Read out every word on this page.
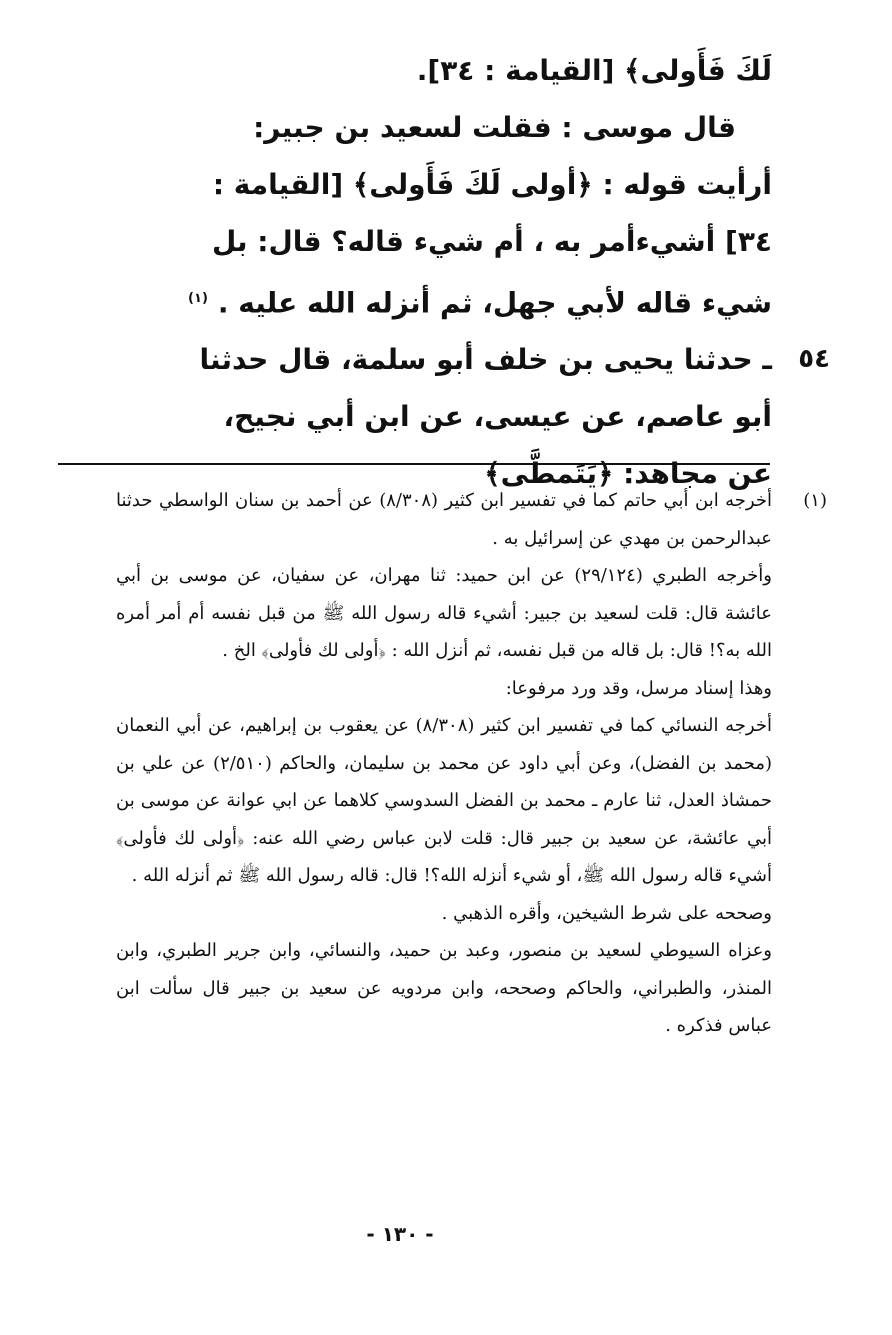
لَكَ فَأَولى﴾ [القيامة : ٣٤].

قال موسى : فقلت لسعيد بن جبير: أرأيت قوله : ﴿أولى لَكَ فَأَولى﴾ [القيامة : ٣٤] أشيءأمر به ، أم شيء قاله؟ قال: بل شيء قاله لأبي جهل، ثم أنزله الله عليه .$^{(١)}$

٥٤
ـ حدثنا يحيى بن خلف أبو سلمة، قال حدثنا أبو عاصم، عن عيسى، عن ابن أبي نجيح، عن مجاهد: ﴿يَتَمطَّى﴾

(١)
أخرجه ابن أبي حاتم كما في تفسير ابن كثير (٨/٣٠٨) عن أحمد بن سنان الواسطي حدثنا عبدالرحمن بن مهدي عن إسرائيل به .

وأخرجه الطبري (٢٩/١٢٤) عن ابن حميد: ثنا مهران، عن سفيان، عن موسى بن أبي عائشة قال: قلت لسعيد بن جبير: أشيء قاله رسول الله ﷺ من قبل نفسه أم أمر أمره الله به؟! قال: بل قاله من قبل نفسه، ثم أنزل الله : ﴿أولى لك فأولى﴾ الخ .

وهذا إسناد مرسل، وقد ورد مرفوعا:

أخرجه النسائي كما في تفسير ابن كثير (٨/٣٠٨) عن يعقوب بن إبراهيم، عن أبي النعمان (محمد بن الفضل)، وعن أبي داود عن محمد بن سليمان، والحاكم (٢/٥١٠) عن علي بن حمشاذ العدل، ثنا عارم ـ محمد بن الفضل السدوسي كلاهما عن ابي عوانة عن موسى بن أبي عائشة، عن سعيد بن جبير قال: قلت لابن عباس رضي الله عنه: ﴿أولى لك فأولى﴾ أشيء قاله رسول الله ﷺ، أو شيء أنزله الله؟! قال: قاله رسول الله ﷺ ثم أنزله الله .

وصححه على شرط الشيخين، وأقره الذهبي .

وعزاه السيوطي لسعيد بن منصور، وعبد بن حميد، والنسائي، وابن جرير الطبري، وابن المنذر، والطبراني، والحاكم وصححه، وابن مردويه عن سعيد بن جبير قال سألت ابن عباس فذكره .

- ١٣٠ -
